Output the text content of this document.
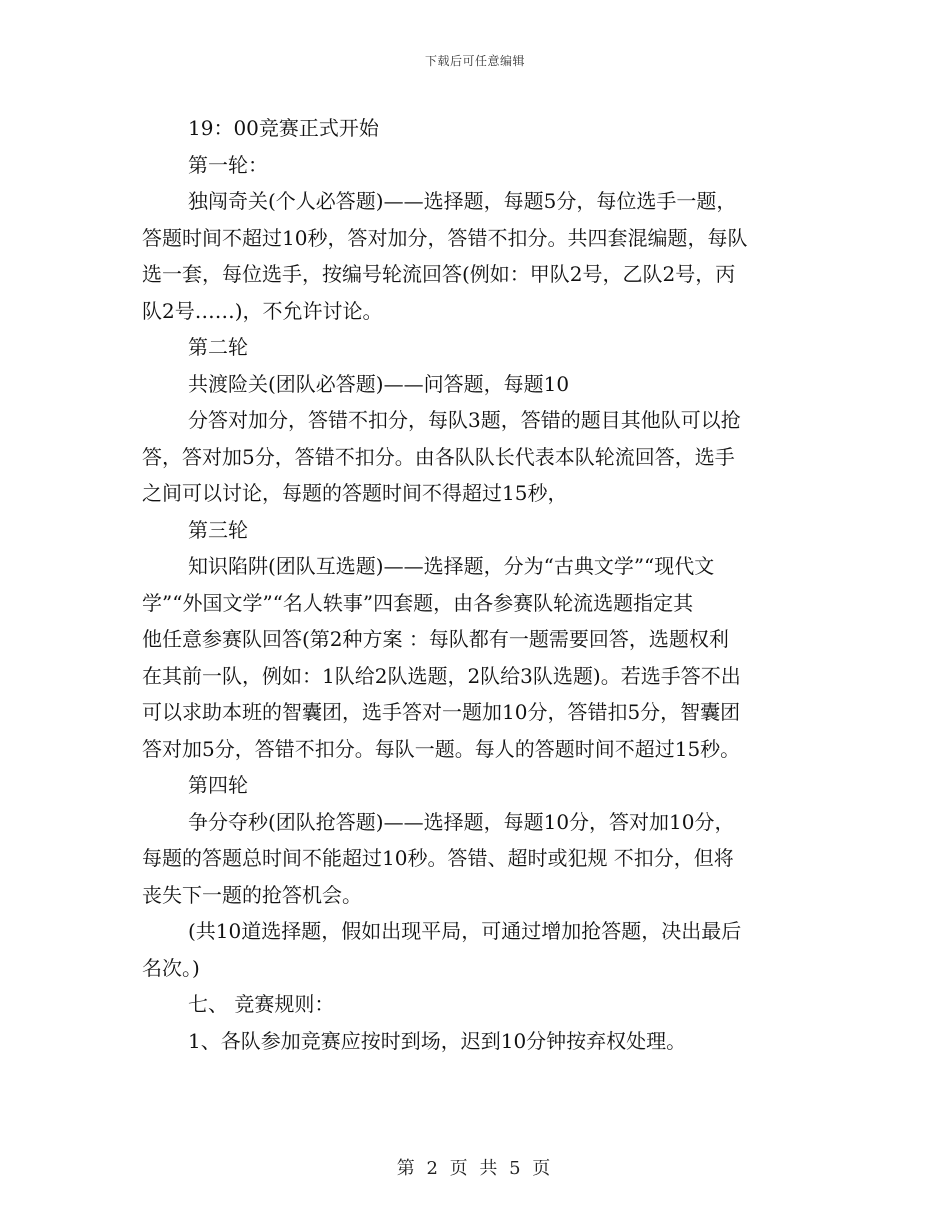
下载后可任意编辑

19：00竞赛正式开始

第一轮：

独闯奇关(个人必答题)——选择题，每题5分，每位选手一题，

答题时间不超过10秒，答对加分，答错不扣分。共四套混编题，每队

选一套，每位选手，按编号轮流回答(例如：甲队2号，乙队2号，丙

队2号……)，不允许讨论。

第二轮

共渡险关(团队必答题)——问答题，每题10

分答对加分，答错不扣分，每队3题，答错的题目其他队可以抢

答，答对加5分，答错不扣分。由各队队长代表本队轮流回答，选手

之间可以讨论，每题的答题时间不得超过15秒，

第三轮

知识陷阱(团队互选题)——选择题，分为“古典文学”“现代文

学”“外国文学”“名人轶事”四套题，由各参赛队轮流选题指定其

他任意参赛队回答(第2种方案 ：每队都有一题需要回答，选题权利

在其前一队，例如：1队给2队选题，2队给3队选题)。若选手答不出

可以求助本班的智囊团，选手答对一题加10分，答错扣5分，智囊团

答对加5分，答错不扣分。每队一题。每人的答题时间不超过15秒。

第四轮

争分夺秒(团队抢答题)——选择题，每题10分，答对加10分，

每题的答题总时间不能超过10秒。答错、超时或犯规 不扣分，但将

丧失下一题的抢答机会。

(共10道选择题，假如出现平局，可通过增加抢答题，决出最后

名次。)

七、 竞赛规则：

1、各队参加竞赛应按时到场，迟到10分钟按弃权处理。

第 2 页 共 5 页
